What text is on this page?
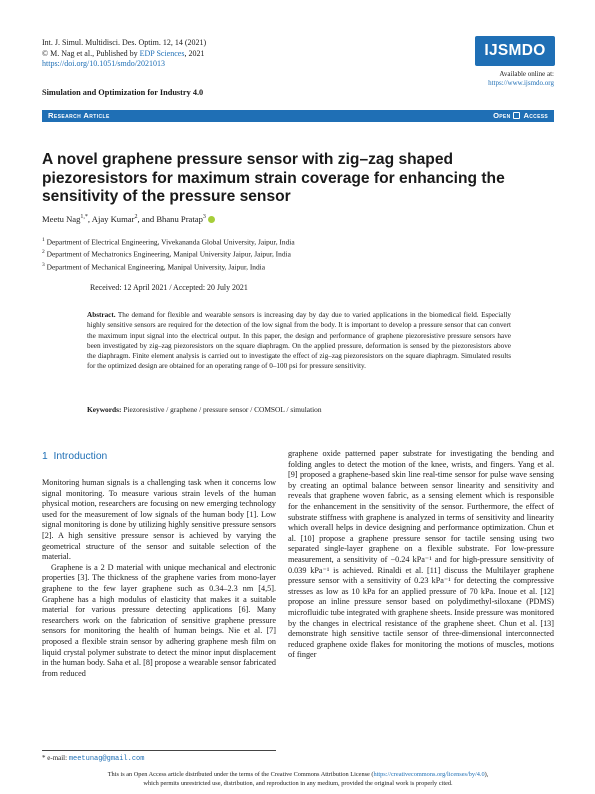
Int. J. Simul. Multidisci. Des. Optim. 12, 14 (2021)
© M. Nag et al., Published by EDP Sciences, 2021
https://doi.org/10.1051/smdo/2021013
IJSMDO
Available online at:
https://www.ijsmdo.org
Simulation and Optimization for Industry 4.0
Research Article	Open Access
A novel graphene pressure sensor with zig–zag shaped piezoresistors for maximum strain coverage for enhancing the sensitivity of the pressure sensor
Meetu Nag$^{1,*}$, Ajay Kumar$^2$, and Bhanu Pratap$^3$
$^1$ Department of Electrical Engineering, Vivekananda Global University, Jaipur, India
$^2$ Department of Mechatronics Engineering, Manipal University Jaipur, Jaipur, India
$^3$ Department of Mechanical Engineering, Manipal University, Jaipur, India
Received: 12 April 2021 / Accepted: 20 July 2021
Abstract. The demand for flexible and wearable sensors is increasing day by day due to varied applications in the biomedical field. Especially highly sensitive sensors are required for the detection of the low signal from the body. It is important to develop a pressure sensor that can convert the maximum input signal into the electrical output. In this paper, the design and performance of graphene piezoresistive pressure sensors have been investigated by zig–zag piezoresistors on the square diaphragm. On the applied pressure, deformation is sensed by the piezoresistors above the diaphragm. Finite element analysis is carried out to investigate the effect of zig–zag piezoresistors on the square diaphragm. Simulated results for the optimized design are obtained for an operating range of 0–100 psi for pressure sensitivity.
Keywords: Piezoresistive / graphene / pressure sensor / COMSOL / simulation
1 Introduction

Monitoring human signals is a challenging task when it concerns low signal monitoring. To measure various strain levels of the human physical motion, researchers are focusing on new emerging technology used for the measurement of low signals of the human body [1]. Low signal monitoring is done by utilizing highly sensitive pressure sensors [2]. A high sensitive pressure sensor is achieved by varying the geometrical structure of the sensor and suitable selection of the material.

Graphene is a 2 D material with unique mechanical and electronic properties [3]. The thickness of the graphene varies from mono-layer graphene to the few layer graphene such as 0.34–2.3 nm [4,5]. Graphene has a high modulus of elasticity that makes it a suitable material for various pressure detecting applications [6]. Many researchers work on the fabrication of sensitive graphene pressure sensors for monitoring the health of human beings. Nie et al. [7] proposed a flexible strain sensor by adhering graphene mesh film on liquid crystal polymer substrate to detect the minor input displacement in the human body. Saha et al. [8] propose a wearable sensor fabricated from reduced

graphene oxide patterned paper substrate for investigating the bending and folding angles to detect the motion of the knee, wrists, and fingers. Yang et al. [9] proposed a graphene-based skin line real-time sensor for pulse wave sensing by creating an optimal balance between sensor linearity and sensitivity and reveals that graphene woven fabric, as a sensing element which is responsible for the enhancement in the sensitivity of the sensor. Furthermore, the effect of substrate stiffness with graphene is analyzed in terms of sensitivity and linearity which overall helps in device designing and performance optimization. Chun et al. [10] propose a graphene pressure sensor for tactile sensing using two separated single-layer graphene on a flexible substrate. For low-pressure measurement, a sensitivity of −0.24 kPa⁻¹ and for high-pressure sensitivity of 0.039 kPa⁻¹ is achieved. Rinaldi et al. [11] discuss the Multilayer graphene pressure sensor with a sensitivity of 0.23 kPa⁻¹ for detecting the compressive stresses as low as 10 kPa for an applied pressure of 70 kPa. Inoue et al. [12] propose an inline pressure sensor based on polydimethyl-siloxane (PDMS) microfluidic tube integrated with graphene sheets. Inside pressure was monitored by the changes in electrical resistance of the graphene sheet. Chun et al. [13] demonstrate high sensitive tactile sensor of three-dimensional interconnected reduced graphene oxide flakes for monitoring the motions of muscles, motions of finger
* e-mail: meetunag@gmail.com
This is an Open Access article distributed under the terms of the Creative Commons Attribution License (https://creativecommons.org/licenses/by/4.0),
which permits unrestricted use, distribution, and reproduction in any medium, provided the original work is properly cited.
